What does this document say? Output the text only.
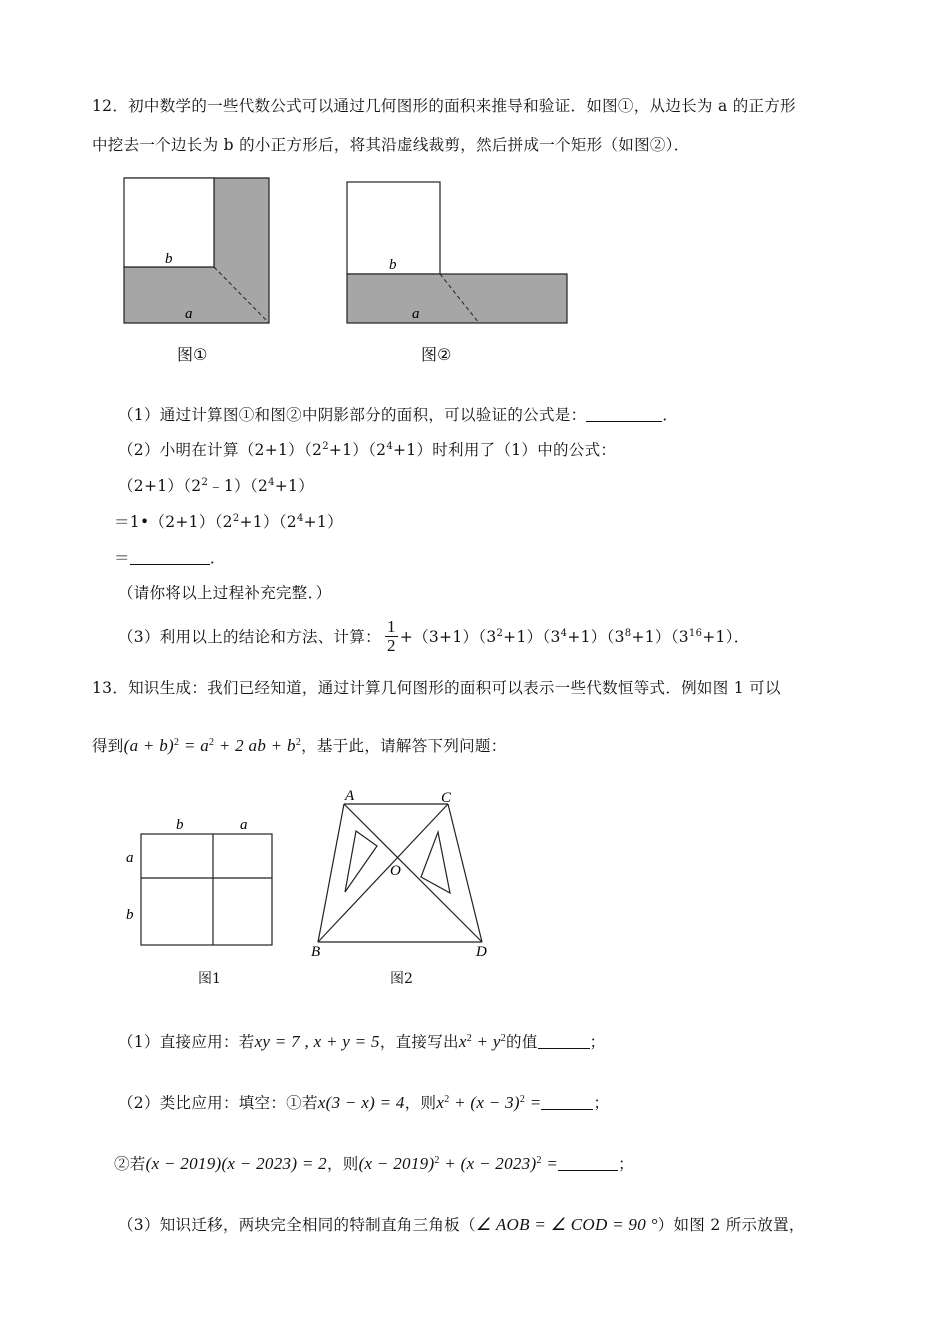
12．初中数学的一些代数公式可以通过几何图形的面积来推导和验证．如图①，从边长为 a 的正方形
中挖去一个边长为 b 的小正方形后，将其沿虚线裁剪，然后拼成一个矩形（如图②）．
b
a
图①
b
a
图②
（1）通过计算图①和图②中阴影部分的面积，可以验证的公式是：	．
（2）小明在计算$(2+1)(2^2+1)(2^4+1)$时利用了（1）中的公式：
$(2+1)(2^2﹣1)(2^4+1)$
$=1•(2+1)(2^2+1)(2^4+1)$
＝	．
（请你将以上过程补充完整．）
（3）利用以上的结论和方法、计算： $\frac{1}{2} +(3+1)(3^2+1)(3^4+1)(3^8+1)(3^{16}+1)$．
13．知识生成：我们已经知道，通过计算几何图形的面积可以表示一些代数恒等式．例如图 1 可以
得到$(a + b)^2 = a^2 + 2$ ab + $b^2$，基于此，请解答下列问题：
b	a
a
b
图1
A	C
O
B	D
图2
（1）直接应用：若xy = 7 , x + y = 5，直接写出$x^2 + y^2$的值	；
（2）类比应用：填空：①若x(3 − x) = 4，则$x^2 + (x - 3)^2$ =	；
②若(x − 2019)(x − 2023) = 2，则$(x - 2019)^2 + (x - 2023)^2$ =	；
（3）知识迁移，两块完全相同的特制直角三角板（∠ AOB = ∠ COD = 90 °）如图 2 所示放置，
